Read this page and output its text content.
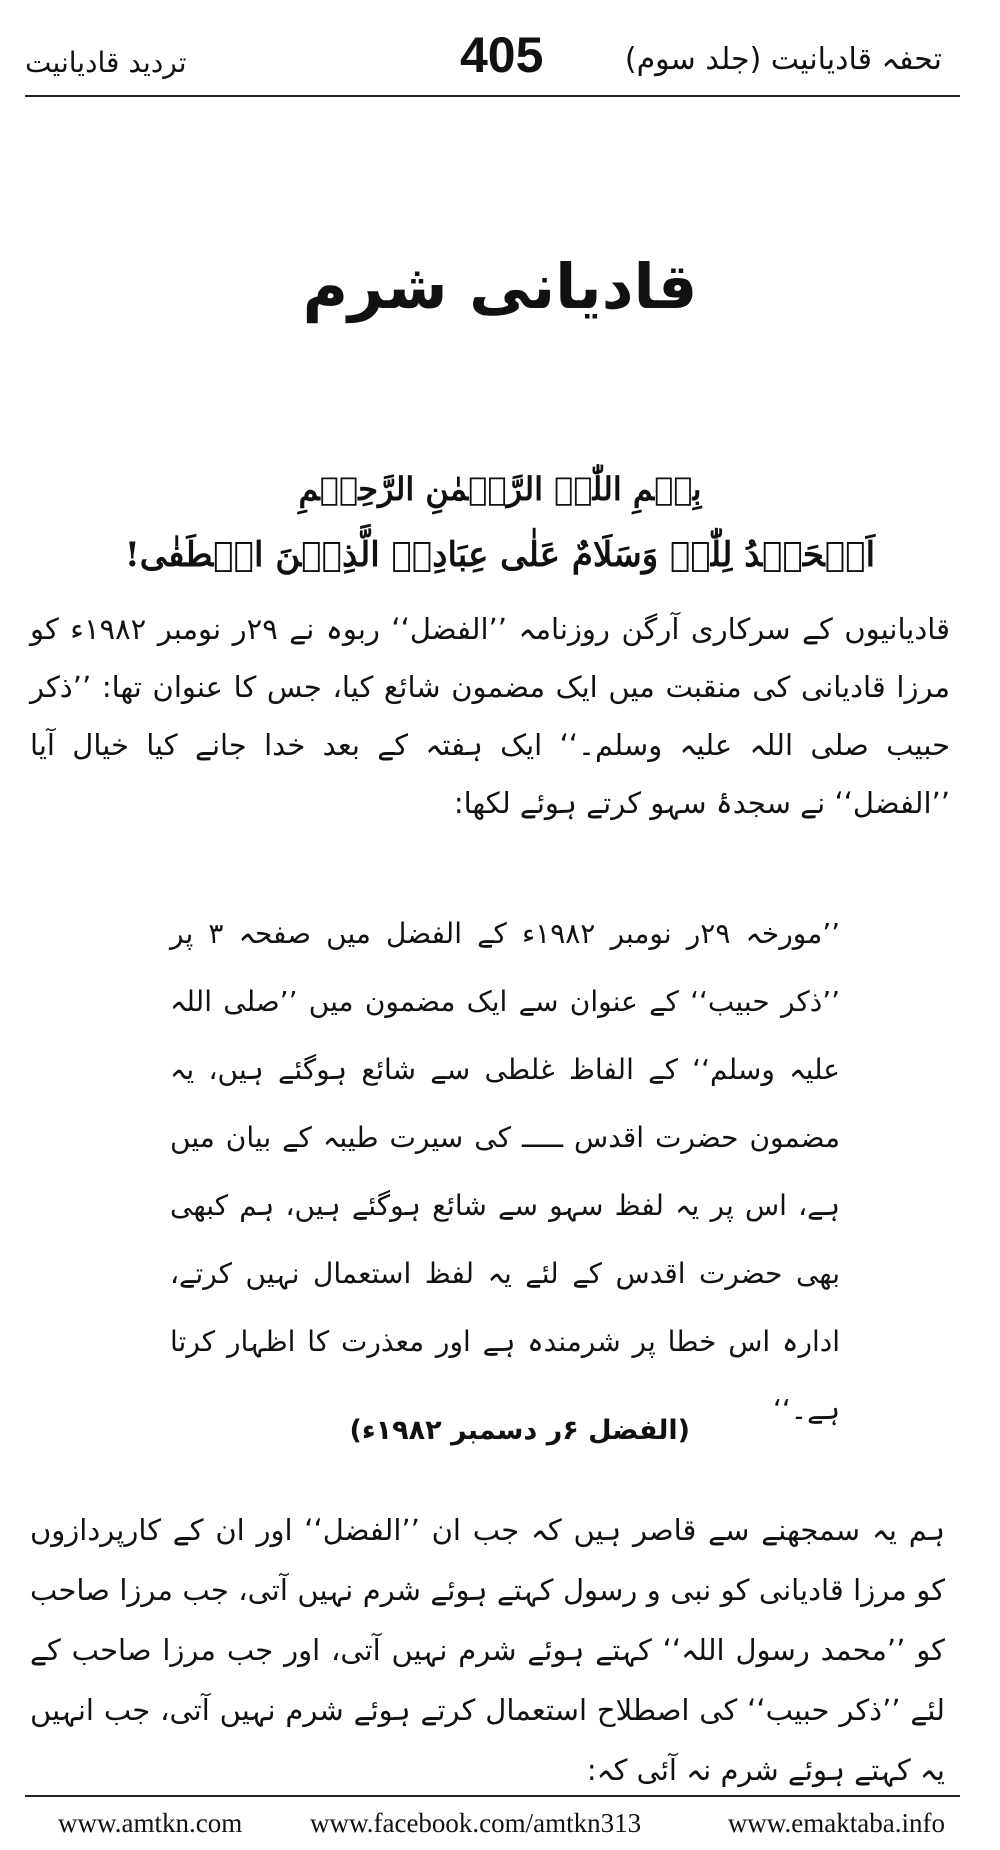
تردید قادیانیت	405	تحفہ قادیانیت (جلد سوم)
قادیانی شرم
بِسۡمِ اللّٰہِ الرَّحۡمٰنِ الرَّحِیۡمِ
اَلۡحَمۡدُ لِلّٰہِ وَسَلَامٌ عَلٰی عِبَادِہِ الَّذِیۡنَ اصۡطَفٰی!

قادیانیوں کے سرکاری آرگن روزنامہ ’’الفضل‘‘ ربوہ نے ۲۹ر نومبر ۱۹۸۲ء کو مرزا قادیانی کی منقبت میں ایک مضمون شائع کیا، جس کا عنوان تھا: ’’ذکر حبیب صلی اللہ علیہ وسلم۔‘‘ ایک ہفتہ کے بعد خدا جانے کیا خیال آیا ’’الفضل‘‘ نے سجدۂ سہو کرتے ہوئے لکھا:

’’مورخہ ۲۹ر نومبر ۱۹۸۲ء کے الفضل میں صفحہ ۳ پر ’’ذکر حبیب‘‘ کے عنوان سے ایک مضمون میں ’’صلی اللہ علیہ وسلم‘‘ کے الفاظ غلطی سے شائع ہوگئے ہیں، یہ مضمون حضرت اقدس ـــــ کی سیرت طیبہ کے بیان میں ہے، اس پر یہ لفظ سہو سے شائع ہوگئے ہیں، ہم کبھی بھی حضرت اقدس کے لئے یہ لفظ استعمال نہیں کرتے، ادارہ اس خطا پر شرمندہ ہے اور معذرت کا اظہار کرتا ہے۔‘‘

(الفضل ۶ر دسمبر ۱۹۸۲ء)

ہم یہ سمجھنے سے قاصر ہیں کہ جب ان ’’الفضل‘‘ اور ان کے کارپردازوں کو مرزا قادیانی کو نبی و رسول کہتے ہوئے شرم نہیں آتی، جب مرزا صاحب کو ’’محمد رسول اللہ‘‘ کہتے ہوئے شرم نہیں آتی، اور جب مرزا صاحب کے لئے ’’ذکر حبیب‘‘ کی اصطلاح استعمال کرتے ہوئے شرم نہیں آتی، جب انہیں یہ کہتے ہوئے شرم نہ آئی کہ:

www.amtkn.com	www.facebook.com/amtkn313	www.emaktaba.info
